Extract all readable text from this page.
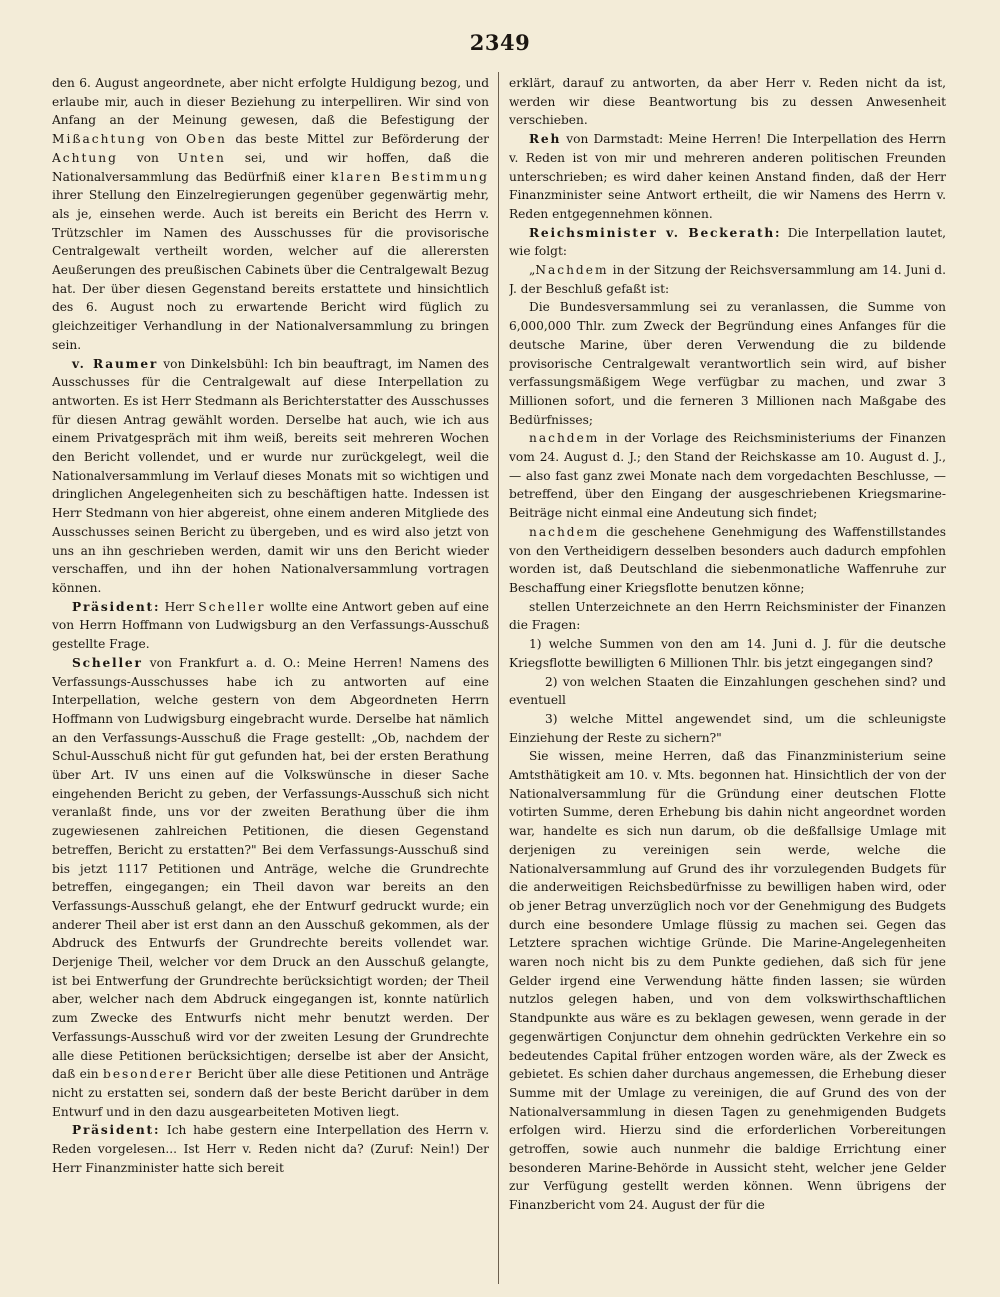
2349

den 6. August angeordnete, aber nicht erfolgte Huldigung bezog, und erlaube mir, auch in dieser Beziehung zu interpelliren. Wir sind von Anfang an der Meinung gewesen, daß die Befestigung der Mißachtung von Oben das beste Mittel zur Beförderung der Achtung von Unten sei, und wir hoffen, daß die Nationalversammlung das Bedürfniß einer klaren Bestimmung ihrer Stellung den Einzelregierungen gegenüber gegenwärtig mehr, als je, einsehen werde. Auch ist bereits ein Bericht des Herrn v. Trützschler im Namen des Ausschusses für die provisorische Centralgewalt vertheilt worden, welcher auf die allerersten Aeußerungen des preußischen Cabinets über die Centralgewalt Bezug hat. Der über diesen Gegenstand bereits erstattete und hinsichtlich des 6. August noch zu erwartende Bericht wird füglich zu gleichzeitiger Verhandlung in der Nationalversammlung zu bringen sein.

v. Raumer von Dinkelsbühl: Ich bin beauftragt, im Namen des Ausschusses für die Centralgewalt auf diese Interpellation zu antworten. Es ist Herr Stedmann als Berichterstatter des Ausschusses für diesen Antrag gewählt worden. Derselbe hat auch, wie ich aus einem Privatgespräch mit ihm weiß, bereits seit mehreren Wochen den Bericht vollendet, und er wurde nur zurückgelegt, weil die Nationalversammlung im Verlauf dieses Monats mit so wichtigen und dringlichen Angelegenheiten sich zu beschäftigen hatte. Indessen ist Herr Stedmann von hier abgereist, ohne einem anderen Mitgliede des Ausschusses seinen Bericht zu übergeben, und es wird also jetzt von uns an ihn geschrieben werden, damit wir uns den Bericht wieder verschaffen, und ihn der hohen Nationalversammlung vortragen können.

Präsident: Herr Scheller wollte eine Antwort geben auf eine von Herrn Hoffmann von Ludwigsburg an den Verfassungs-Ausschuß gestellte Frage.

Scheller von Frankfurt a. d. O.: Meine Herren! Namens des Verfassungs-Ausschusses habe ich zu antworten auf eine Interpellation, welche gestern von dem Abgeordneten Herrn Hoffmann von Ludwigsburg eingebracht wurde. Derselbe hat nämlich an den Verfassungs-Ausschuß die Frage gestellt: „Ob, nachdem der Schul-Ausschuß nicht für gut gefunden hat, bei der ersten Berathung über Art. IV uns einen auf die Volkswünsche in dieser Sache eingehenden Bericht zu geben, der Verfassungs-Ausschuß sich nicht veranlaßt finde, uns vor der zweiten Berathung über die ihm zugewiesenen zahlreichen Petitionen, die diesen Gegenstand betreffen, Bericht zu erstatten?" Bei dem Verfassungs-Ausschuß sind bis jetzt 1117 Petitionen und Anträge, welche die Grundrechte betreffen, eingegangen; ein Theil davon war bereits an den Verfassungs-Ausschuß gelangt, ehe der Entwurf gedruckt wurde; ein anderer Theil aber ist erst dann an den Ausschuß gekommen, als der Abdruck des Entwurfs der Grundrechte bereits vollendet war. Derjenige Theil, welcher vor dem Druck an den Ausschuß gelangte, ist bei Entwerfung der Grundrechte berücksichtigt worden; der Theil aber, welcher nach dem Abdruck eingegangen ist, konnte natürlich zum Zwecke des Entwurfs nicht mehr benutzt werden. Der Verfassungs-Ausschuß wird vor der zweiten Lesung der Grundrechte alle diese Petitionen berücksichtigen; derselbe ist aber der Ansicht, daß ein besonderer Bericht über alle diese Petitionen und Anträge nicht zu erstatten sei, sondern daß der beste Bericht darüber in dem Entwurf und in den dazu ausgearbeiteten Motiven liegt.

Präsident: Ich habe gestern eine Interpellation des Herrn v. Reden vorgelesen... Ist Herr v. Reden nicht da? (Zuruf: Nein!) Der Herr Finanzminister hatte sich bereit

erklärt, darauf zu antworten, da aber Herr v. Reden nicht da ist, werden wir diese Beantwortung bis zu dessen Anwesenheit verschieben.

Reh von Darmstadt: Meine Herren! Die Interpellation des Herrn v. Reden ist von mir und mehreren anderen politischen Freunden unterschrieben; es wird daher keinen Anstand finden, daß der Herr Finanzminister seine Antwort ertheilt, die wir Namens des Herrn v. Reden entgegennehmen können.

Reichsminister v. Beckerath: Die Interpellation lautet, wie folgt:

„Nachdem in der Sitzung der Reichsversammlung am 14. Juni d. J. der Beschluß gefaßt ist:

Die Bundesversammlung sei zu veranlassen, die Summe von 6,000,000 Thlr. zum Zweck der Begründung eines Anfanges für die deutsche Marine, über deren Verwendung die zu bildende provisorische Centralgewalt verantwortlich sein wird, auf bisher verfassungsmäßigem Wege verfügbar zu machen, und zwar 3 Millionen sofort, und die ferneren 3 Millionen nach Maßgabe des Bedürfnisses;

nachdem in der Vorlage des Reichsministeriums der Finanzen vom 24. August d. J.; den Stand der Reichskasse am 10. August d. J., — also fast ganz zwei Monate nach dem vorgedachten Beschlusse, — betreffend, über den Eingang der ausgeschriebenen Kriegsmarine-Beiträge nicht einmal eine Andeutung sich findet;

nachdem die geschehene Genehmigung des Waffenstillstandes von den Vertheidigern desselben besonders auch dadurch empfohlen worden ist, daß Deutschland die siebenmonatliche Waffenruhe zur Beschaffung einer Kriegsflotte benutzen könne;

stellen Unterzeichnete an den Herrn Reichsminister der Finanzen die Fragen:

1) welche Summen von den am 14. Juni d. J. für die deutsche Kriegsflotte bewilligten 6 Millionen Thlr. bis jetzt eingegangen sind?

2) von welchen Staaten die Einzahlungen geschehen sind? und eventuell

3) welche Mittel angewendet sind, um die schleunigste Einziehung der Reste zu sichern?"

Sie wissen, meine Herren, daß das Finanzministerium seine Amtsthätigkeit am 10. v. Mts. begonnen hat. Hinsichtlich der von der Nationalversammlung für die Gründung einer deutschen Flotte votirten Summe, deren Erhebung bis dahin nicht angeordnet worden war, handelte es sich nun darum, ob die deßfallsige Umlage mit derjenigen zu vereinigen sein werde, welche die Nationalversammlung auf Grund des ihr vorzulegenden Budgets für die anderweitigen Reichsbedürfnisse zu bewilligen haben wird, oder ob jener Betrag unverzüglich noch vor der Genehmigung des Budgets durch eine besondere Umlage flüssig zu machen sei. Gegen das Letztere sprachen wichtige Gründe. Die Marine-Angelegenheiten waren noch nicht bis zu dem Punkte gediehen, daß sich für jene Gelder irgend eine Verwendung hätte finden lassen; sie würden nutzlos gelegen haben, und von dem volkswirthschaftlichen Standpunkte aus wäre es zu beklagen gewesen, wenn gerade in der gegenwärtigen Conjunctur dem ohnehin gedrückten Verkehre ein so bedeutendes Capital früher entzogen worden wäre, als der Zweck es gebietet. Es schien daher durchaus angemessen, die Erhebung dieser Summe mit der Umlage zu vereinigen, die auf Grund des von der Nationalversammlung in diesen Tagen zu genehmigenden Budgets erfolgen wird. Hierzu sind die erforderlichen Vorbereitungen getroffen, sowie auch nunmehr die baldige Errichtung einer besonderen Marine-Behörde in Aussicht steht, welcher jene Gelder zur Verfügung gestellt werden können. Wenn übrigens der Finanzbericht vom 24. August der für die
